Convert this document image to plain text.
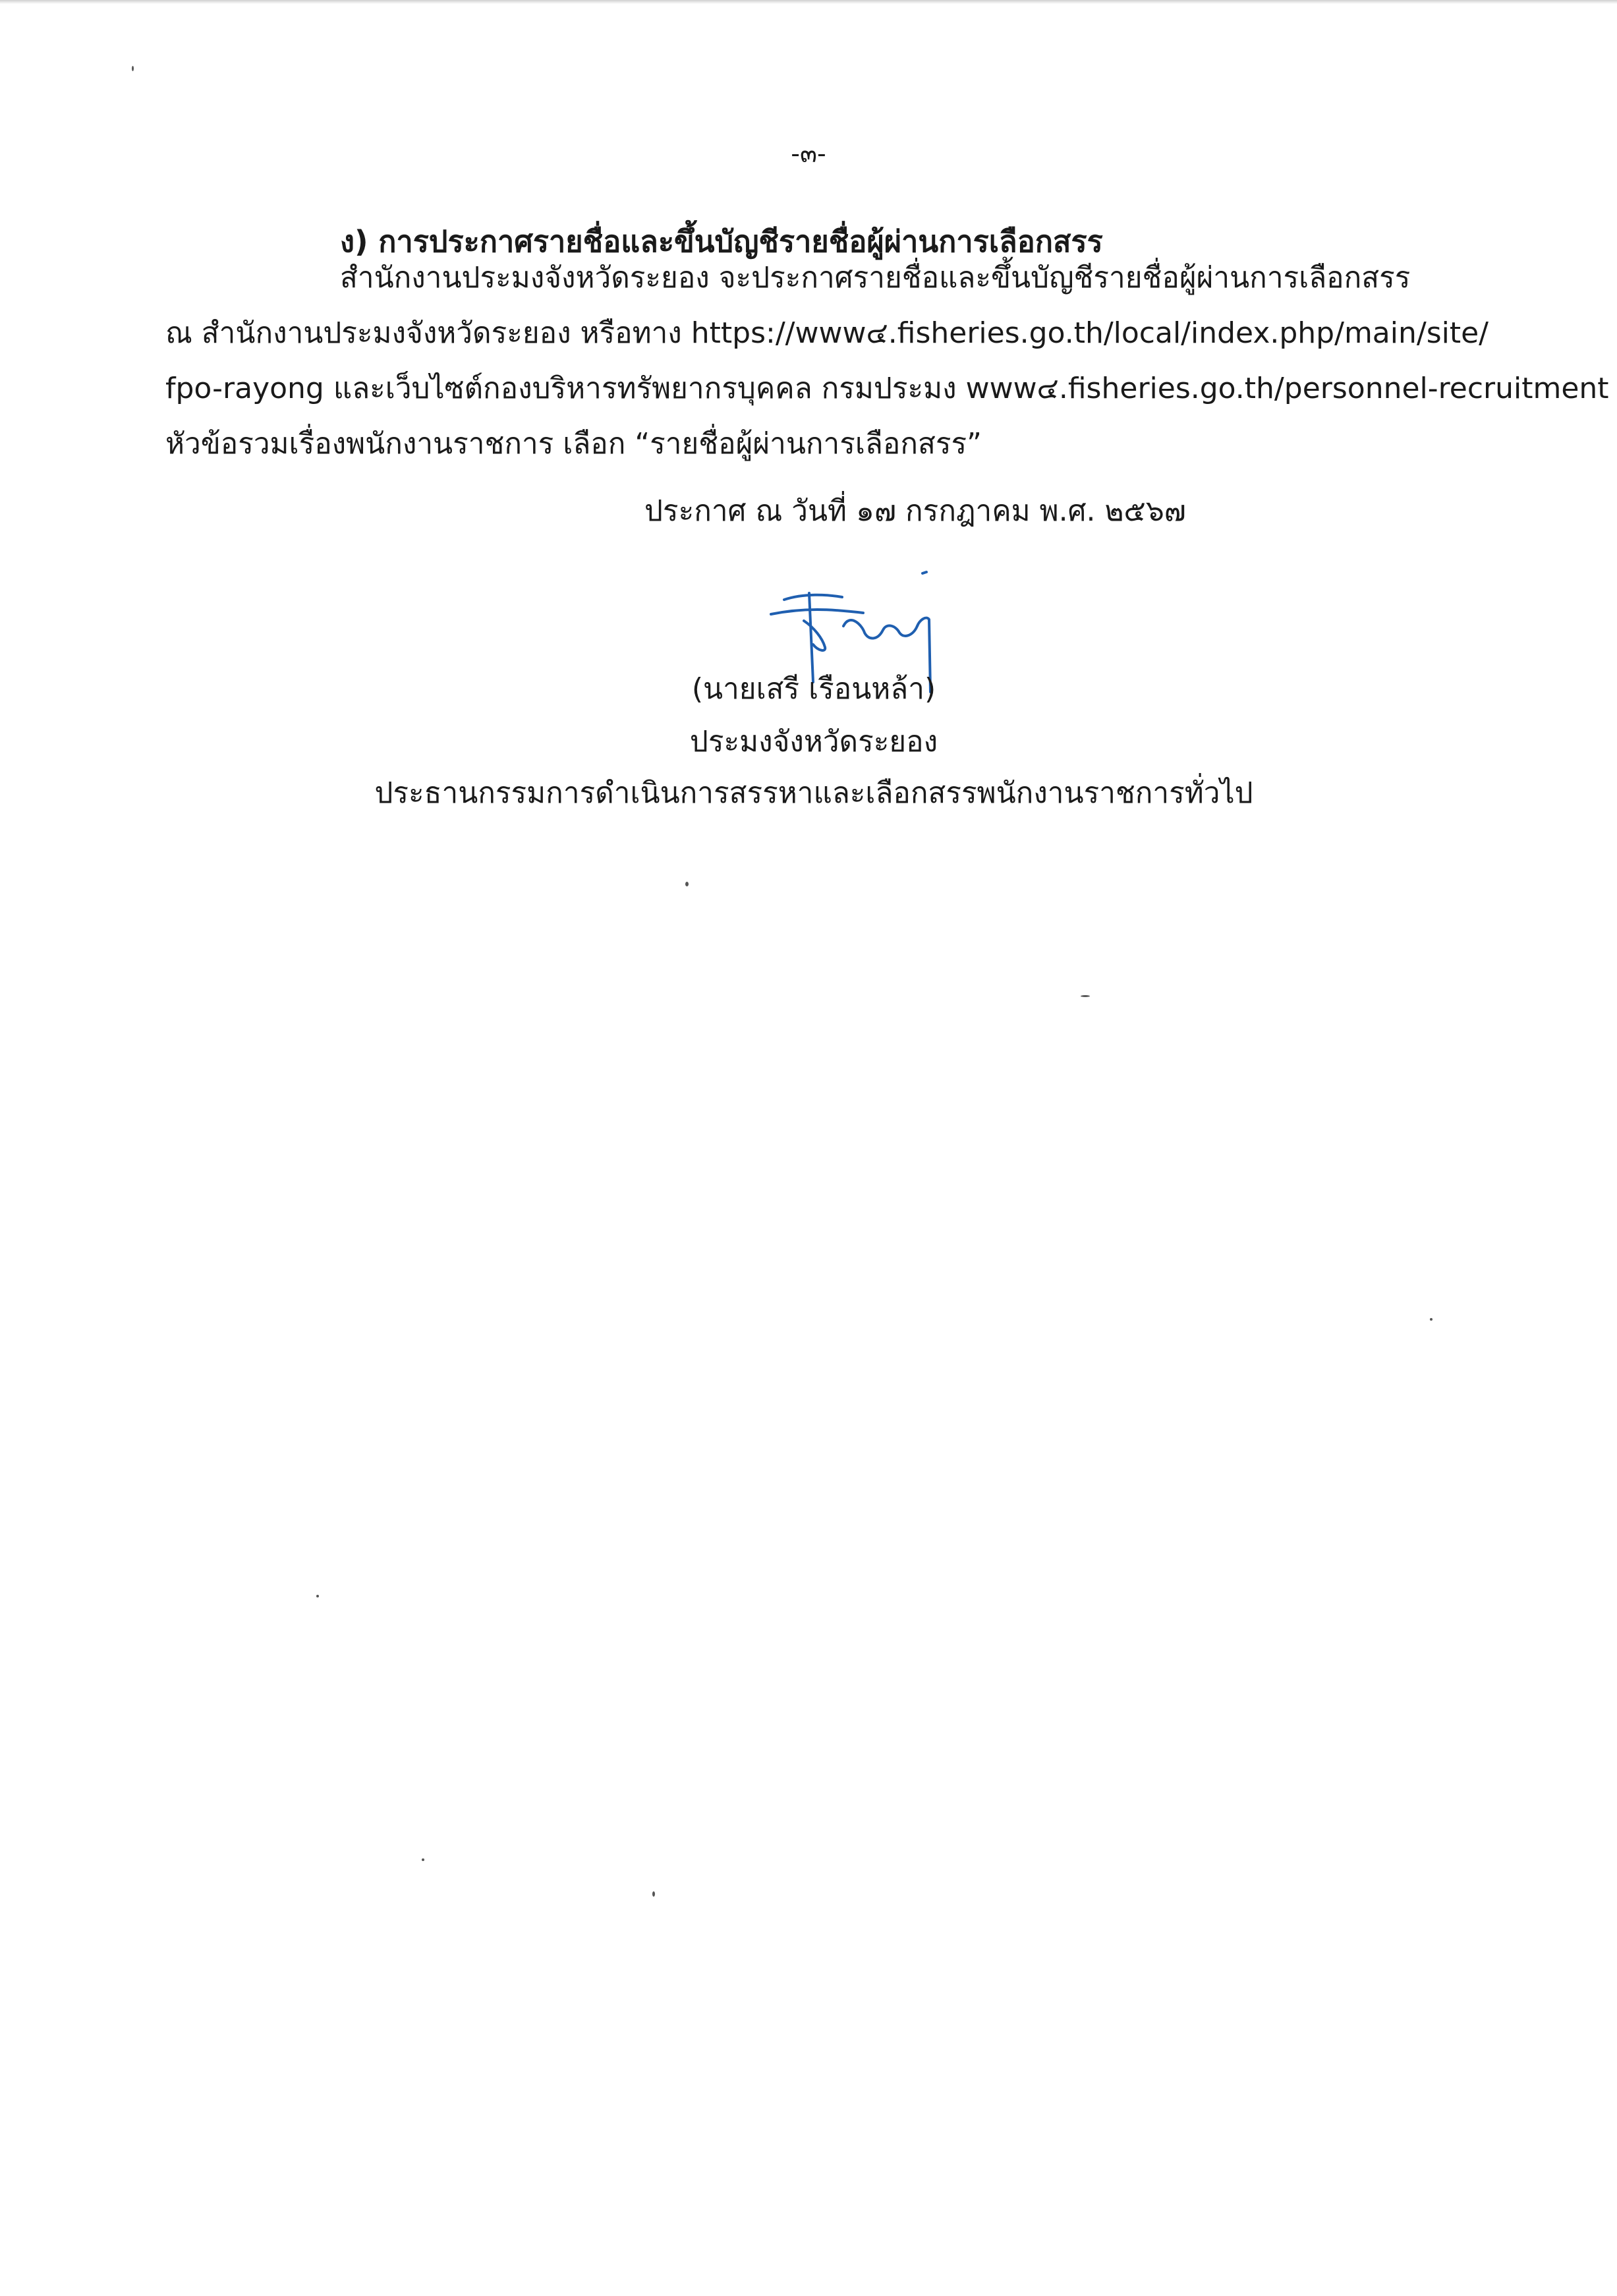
-๓-
ง) การประกาศรายชื่อและขึ้นบัญชีรายชื่อผู้ผ่านการเลือกสรร
สำนักงานประมงจังหวัดระยอง จะประกาศรายชื่อและขึ้นบัญชีรายชื่อผู้ผ่านการเลือกสรร
ณ สำนักงานประมงจังหวัดระยอง หรือทาง https://www๔.fisheries.go.th/local/index.php/main/site/
fpo-rayong และเว็บไซต์กองบริหารทรัพยากรบุคคล กรมประมง www๔.fisheries.go.th/personnel-recruitment
หัวข้อรวมเรื่องพนักงานราชการ เลือก “รายชื่อผู้ผ่านการเลือกสรร”
ประกาศ ณ วันที่ ๑๗ กรกฎาคม พ.ศ. ๒๕๖๗
(นายเสรี เรือนหล้า)
ประมงจังหวัดระยอง
ประธานกรรมการดำเนินการสรรหาและเลือกสรรพนักงานราชการทั่วไป
